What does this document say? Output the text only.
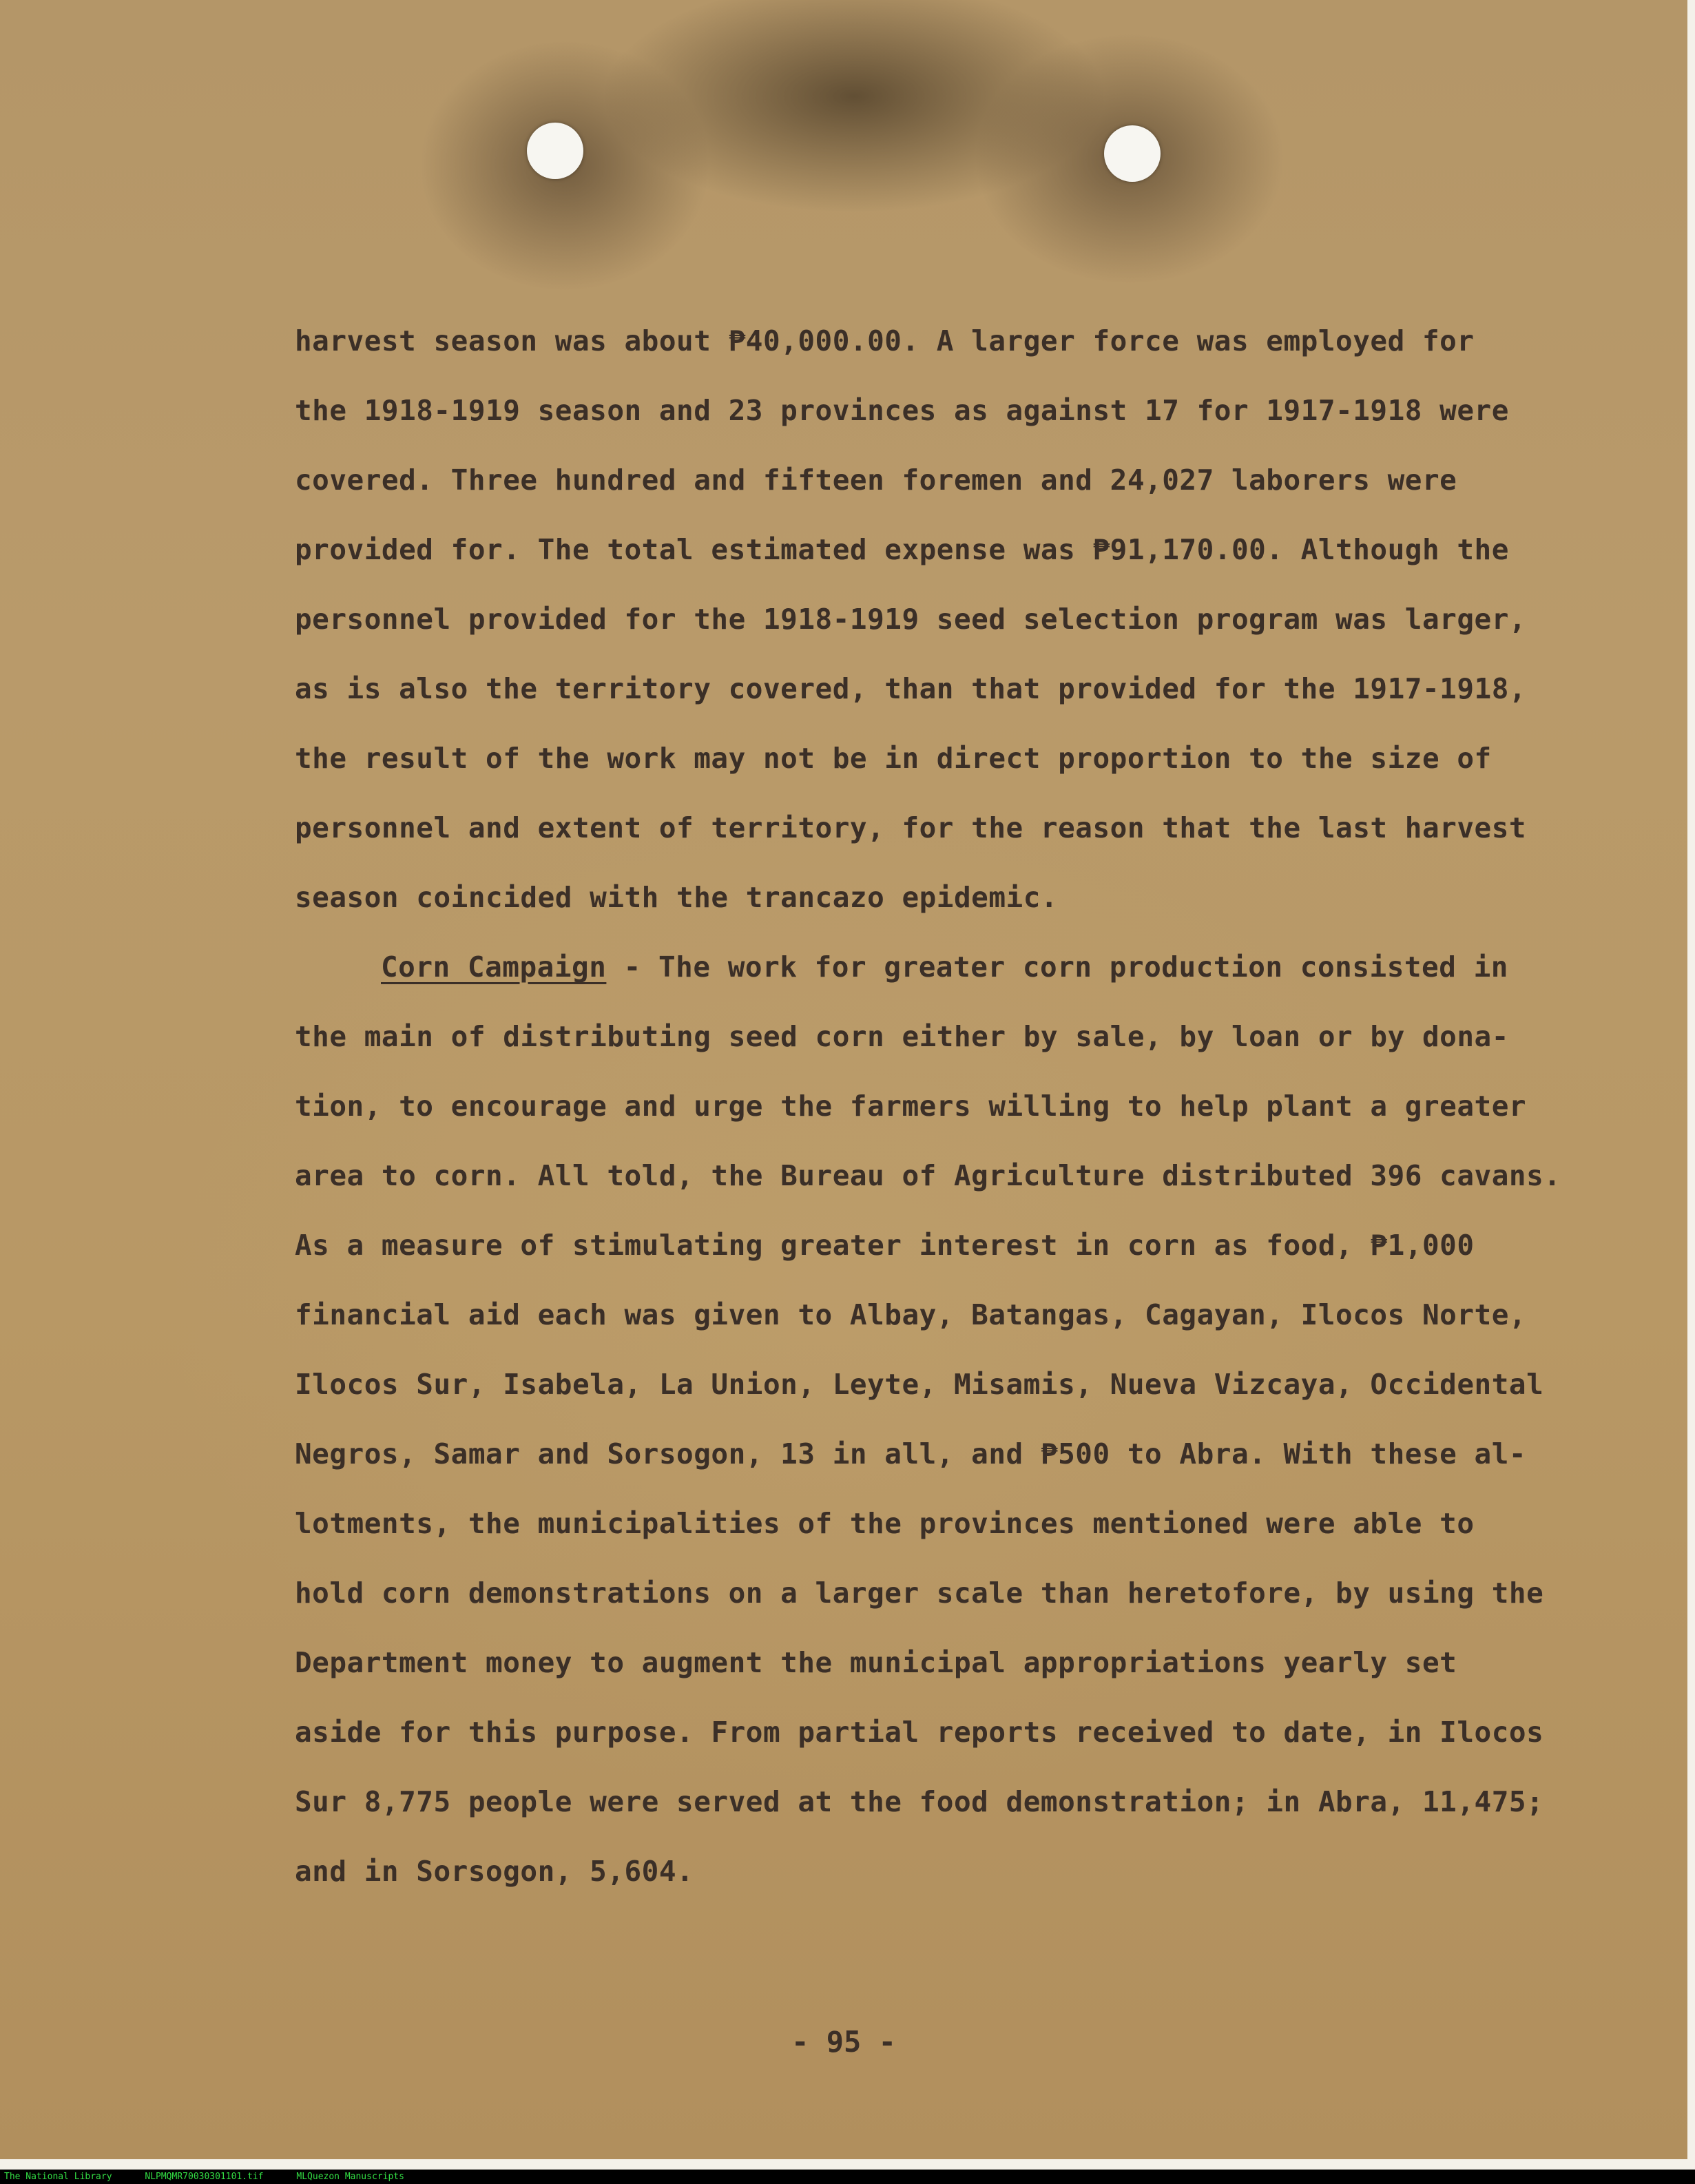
harvest season was about ₱40,000.00. A larger force was employed for
the 1918-1919 season and 23 provinces as against 17 for 1917-1918 were
covered. Three hundred and fifteen foremen and 24,027 laborers were
provided for. The total estimated expense was ₱91,170.00. Although the
personnel provided for the 1918-1919 seed selection program was larger,
as is also the territory covered, than that provided for the 1917-1918,
the result of the work may not be in direct proportion to the size of
personnel and extent of territory, for the reason that the last harvest
season coincided with the trancazo epidemic.
Corn Campaign - The work for greater corn production consisted in
the main of distributing seed corn either by sale, by loan or by dona-
tion, to encourage and urge the farmers willing to help plant a greater
area to corn. All told, the Bureau of Agriculture distributed 396 cavans.
As a measure of stimulating greater interest in corn as food, ₱1,000
financial aid each was given to Albay, Batangas, Cagayan, Ilocos Norte,
Ilocos Sur, Isabela, La Union, Leyte, Misamis, Nueva Vizcaya, Occidental
Negros, Samar and Sorsogon, 13 in all, and ₱500 to Abra. With these al-
lotments, the municipalities of the provinces mentioned were able to
hold corn demonstrations on a larger scale than heretofore, by using the
Department money to augment the municipal appropriations yearly set
aside for this purpose. From partial reports received to date, in Ilocos
Sur 8,775 people were served at the food demonstration; in Abra, 11,475;
and in Sorsogon, 5,604.
- 95 -
The National Library	NLPMQMR70030301101.tif	MLQuezon Manuscripts
